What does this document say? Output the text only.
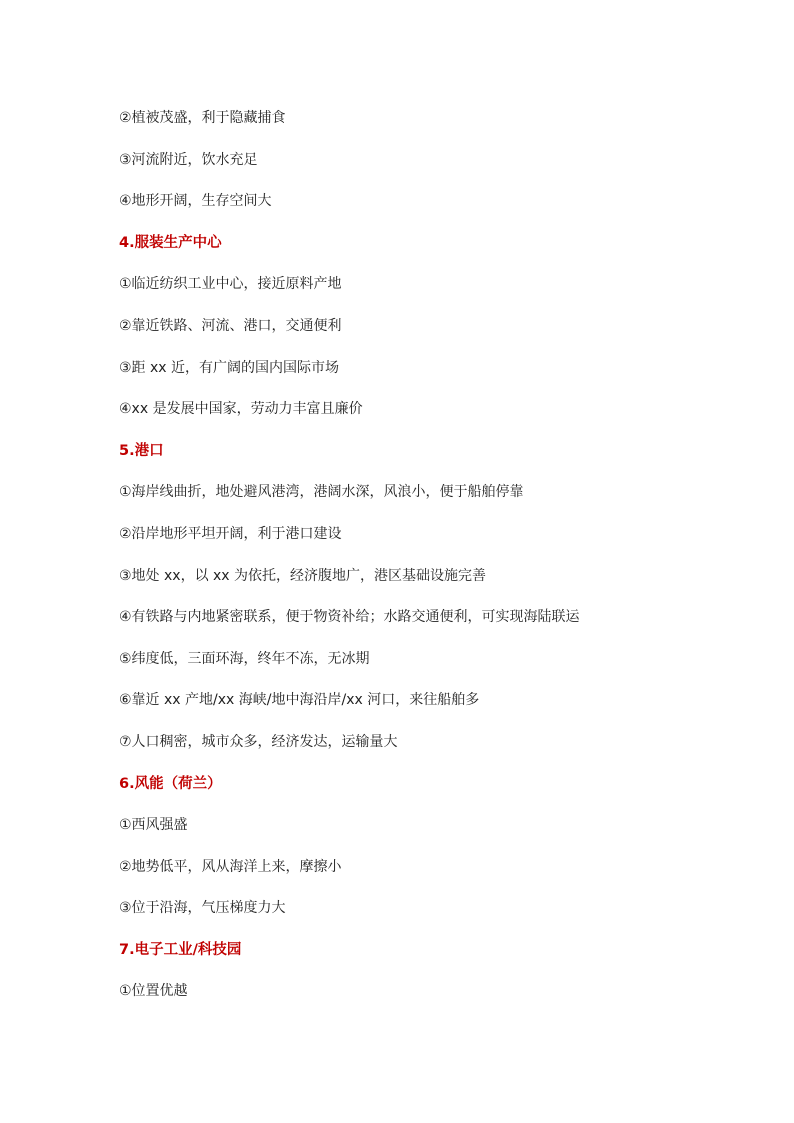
②植被茂盛，利于隐藏捕食
③河流附近，饮水充足
④地形开阔，生存空间大
4.服装生产中心
①临近纺织工业中心，接近原料产地
②靠近铁路、河流、港口，交通便利
③距 xx 近，有广阔的国内国际市场
④xx 是发展中国家，劳动力丰富且廉价
5.港口
①海岸线曲折，地处避风港湾，港阔水深，风浪小，便于船舶停靠
②沿岸地形平坦开阔，利于港口建设
③地处 xx，以 xx 为依托，经济腹地广，港区基础设施完善
④有铁路与内地紧密联系，便于物资补给；水路交通便利，可实现海陆联运
⑤纬度低，三面环海，终年不冻，无冰期
⑥靠近 xx 产地/xx 海峡/地中海沿岸/xx 河口，来往船舶多
⑦人口稠密，城市众多，经济发达，运输量大
6.风能（荷兰）
①西风强盛
②地势低平，风从海洋上来，摩擦小
③位于沿海，气压梯度力大
7.电子工业/科技园
①位置优越
